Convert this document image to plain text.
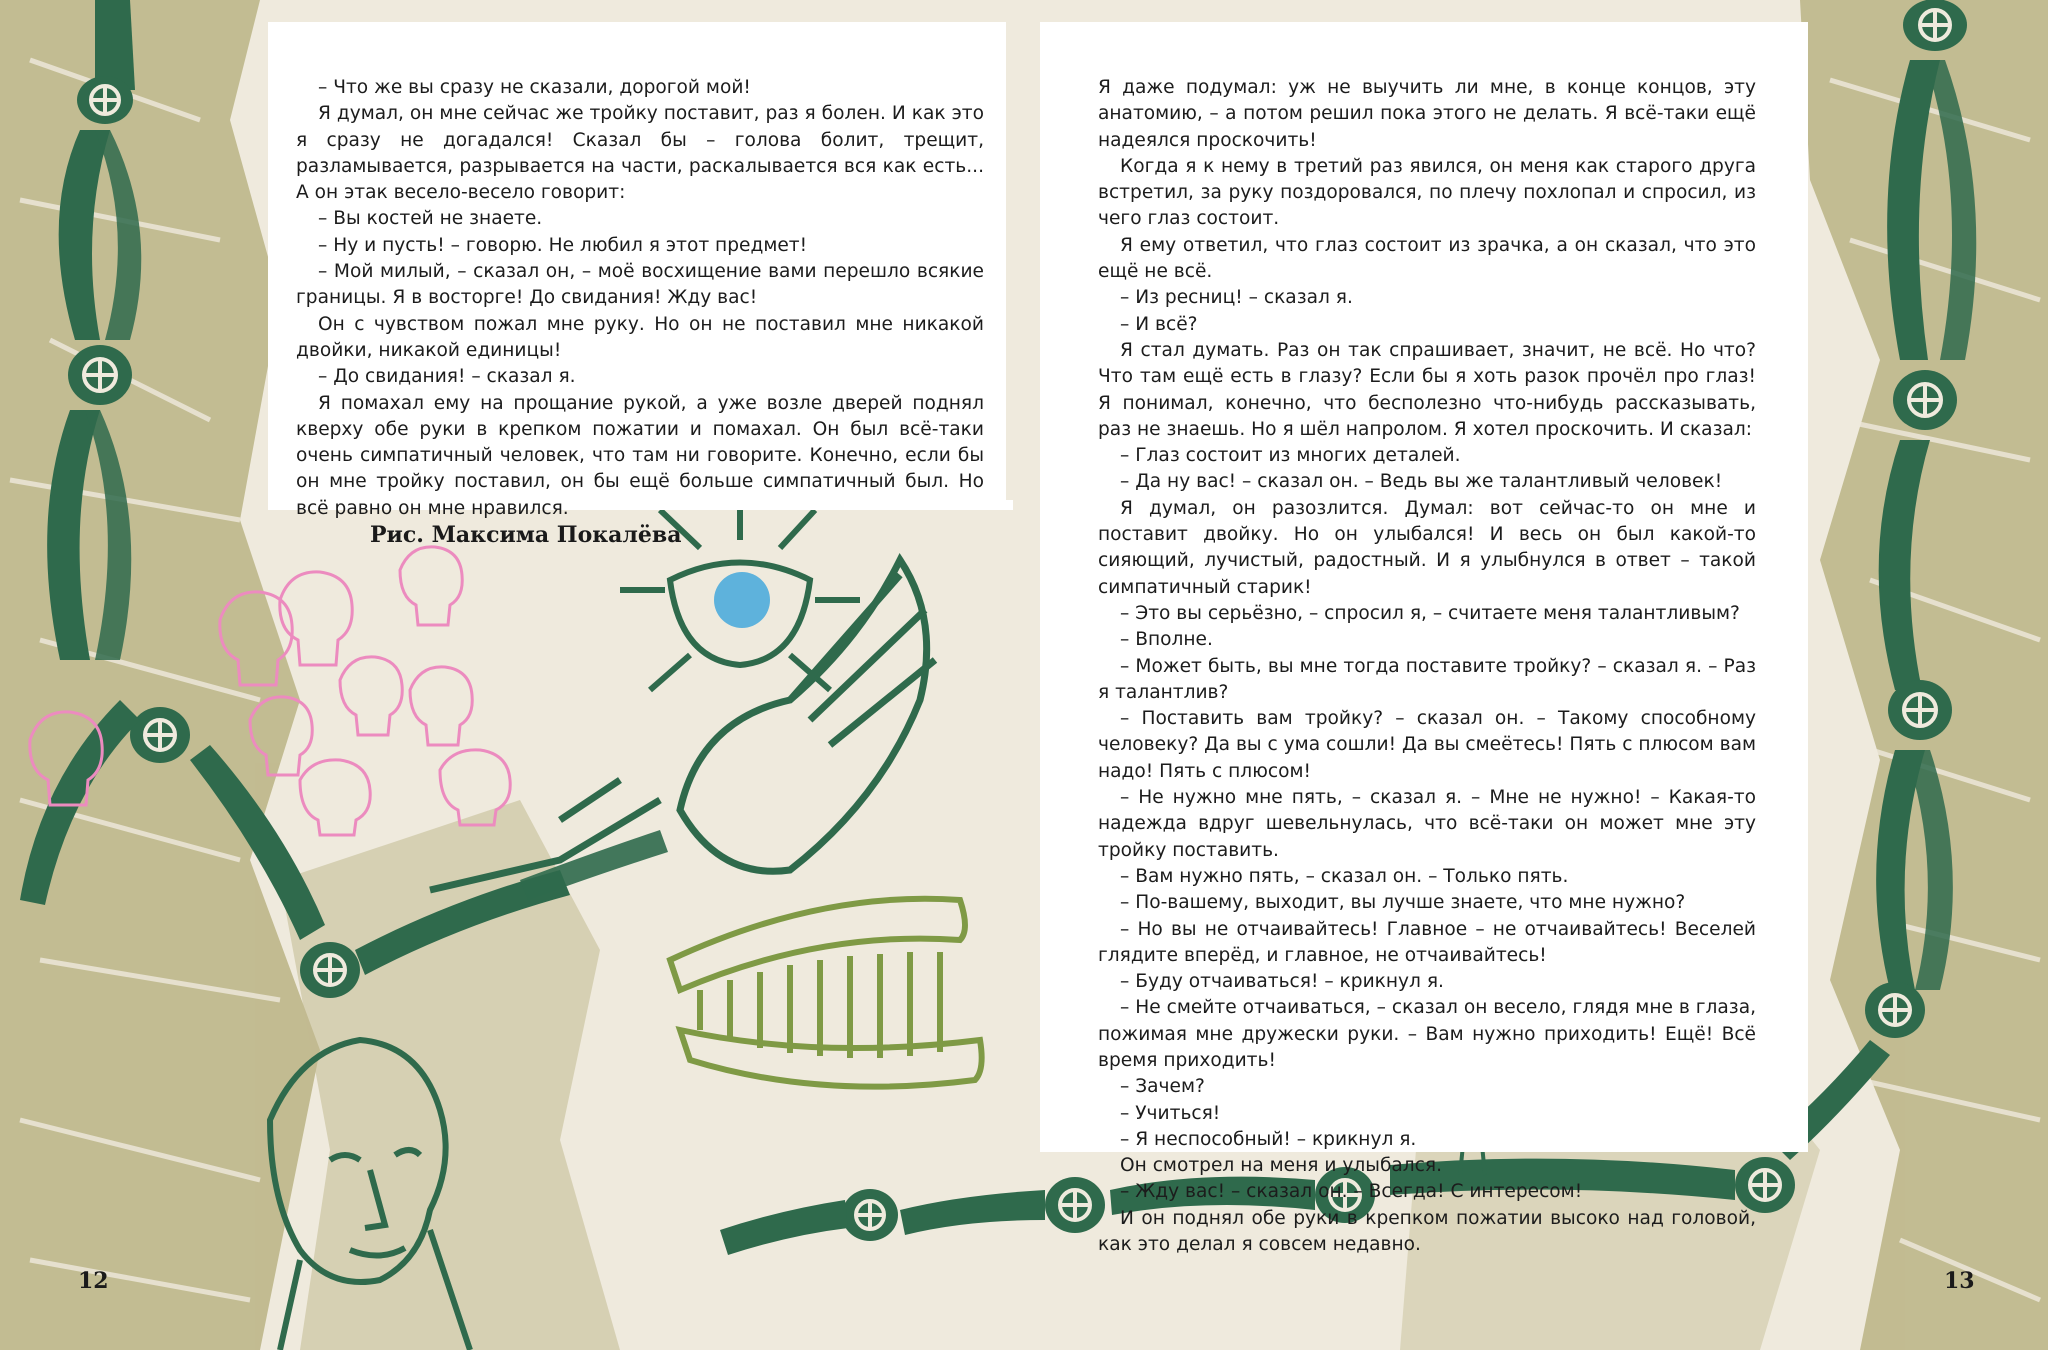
– Что же вы сразу не сказали, дорогой мой!

Я думал, он мне сейчас же тройку поставит, раз я болен. И как это я сразу не догадался! Сказал бы – голова болит, трещит, разламывается, разрывается на части, раскалывается вся как есть... А он этак весело-весело говорит:

– Вы костей не знаете.

– Ну и пусть! – говорю. Не любил я этот предмет!

– Мой милый, – сказал он, – моё восхищение вами перешло всякие границы. Я в восторге! До свидания! Жду вас!

Он с чувством пожал мне руку. Но он не поставил мне никакой двойки, никакой единицы!

– До свидания! – сказал я.

Я помахал ему на прощание рукой, а уже возле дверей поднял кверху обе руки в крепком пожатии и помахал. Он был всё-таки очень симпатичный человек, что там ни говорите. Конечно, если бы он мне тройку поставил, он бы ещё больше симпатичный был. Но всё равно он мне нравился.

Рис. Максима Покалёва

Я даже подумал: уж не выучить ли мне, в конце концов, эту анатомию, – а потом решил пока этого не делать. Я всё-таки ещё надеялся проскочить!

Когда я к нему в третий раз явился, он меня как старого друга встретил, за руку поздоровался, по плечу похлопал и спросил, из чего глаз состоит.

Я ему ответил, что глаз состоит из зрачка, а он сказал, что это ещё не всё.

– Из ресниц! – сказал я.

– И всё?

Я стал думать. Раз он так спрашивает, значит, не всё. Но что? Что там ещё есть в глазу? Если бы я хоть разок прочёл про глаз! Я понимал, конечно, что бесполезно что-нибудь рассказывать, раз не знаешь. Но я шёл напролом. Я хотел проскочить. И сказал:

– Глаз состоит из многих деталей.

– Да ну вас! – сказал он. – Ведь вы же талантливый человек!

Я думал, он разозлится. Думал: вот сейчас-то он мне и поставит двойку. Но он улыбался! И весь он был какой-то сияющий, лучистый, радостный. И я улыбнулся в ответ – такой симпатичный старик!

– Это вы серьёзно, – спросил я, – считаете меня талантливым?

– Вполне.

– Может быть, вы мне тогда поставите тройку? – сказал я. – Раз я талантлив?

– Поставить вам тройку? – сказал он. – Такому способному человеку? Да вы с ума сошли! Да вы смеётесь! Пять с плюсом вам надо! Пять с плюсом!

– Не нужно мне пять, – сказал я. – Мне не нужно! – Какая-то надежда вдруг шевельнулась, что всё-таки он может мне эту тройку поставить.

– Вам нужно пять, – сказал он. – Только пять.

– По-вашему, выходит, вы лучше знаете, что мне нужно?

– Но вы не отчаивайтесь! Главное – не отчаивайтесь! Веселей глядите вперёд, и главное, не отчаивайтесь!

– Буду отчаиваться! – крикнул я.

– Не смейте отчаиваться, – сказал он весело, глядя мне в глаза, пожимая мне дружески руки. – Вам нужно приходить! Ещё! Всё время приходить!

– Зачем?

– Учиться!

– Я неспособный! – крикнул я.

Он смотрел на меня и улыбался.

– Жду вас! – сказал он. – Всегда! С интересом!

И он поднял обе руки в крепком пожатии высоко над головой, как это делал я совсем недавно.

12	13
